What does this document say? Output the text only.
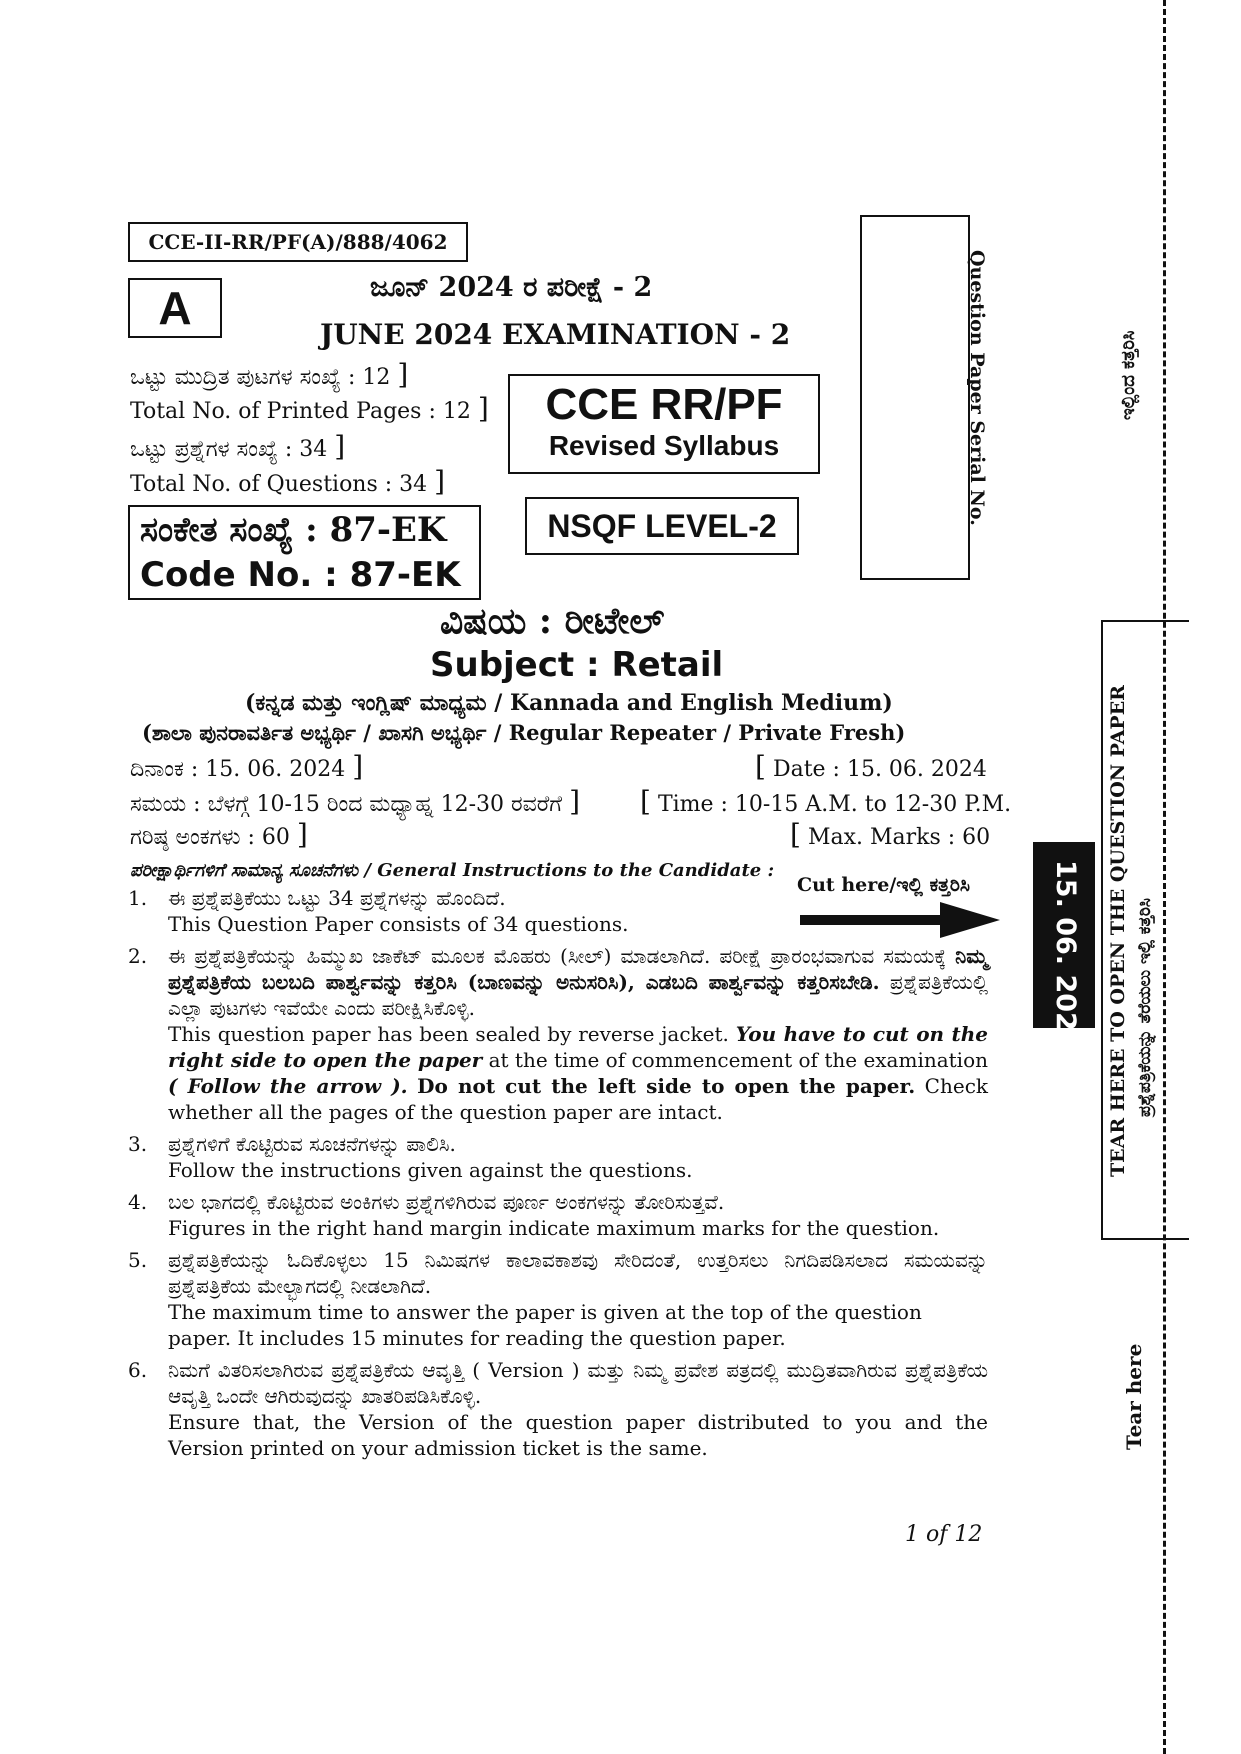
CCE-II-RR/PF(A)/888/4062
A	ಜೂನ್ 2024 ರ ಪರೀಕ್ಷೆ - 2
JUNE 2024 EXAMINATION - 2
ಒಟ್ಟು ಮುದ್ರಿತ ಪುಟಗಳ ಸಂಖ್ಯೆ : 12 ]
Total No. of Printed Pages : 12 ]
ಒಟ್ಟು ಪ್ರಶ್ನೆಗಳ ಸಂಖ್ಯೆ : 34 ]
Total No. of Questions : 34 ]
CCE RR/PF
Revised Syllabus
NSQF LEVEL-2
ಸಂಕೇತ ಸಂಖ್ಯೆ : 87-EK
Code No. : 87-EK
Question Paper Serial No.
ವಿಷಯ : ರೀಟೇಲ್
Subject : Retail
(ಕನ್ನಡ ಮತ್ತು ಇಂಗ್ಲಿಷ್ ಮಾಧ್ಯಮ / Kannada and English Medium)
(ಶಾಲಾ ಪುನರಾವರ್ತಿತ ಅಭ್ಯರ್ಥಿ / ಖಾಸಗಿ ಅಭ್ಯರ್ಥಿ / Regular Repeater / Private Fresh)
ದಿನಾಂಕ : 15. 06. 2024 ]	[ Date : 15. 06. 2024
ಸಮಯ : ಬೆಳಗ್ಗೆ 10-15 ರಿಂದ ಮಧ್ಯಾಹ್ನ 12-30 ರವರೆಗೆ ] [ Time : 10-15 A.M. to 12-30 P.M.
ಗರಿಷ್ಠ ಅಂಕಗಳು : 60 ]	[ Max. Marks : 60
ಪರೀಕ್ಷಾರ್ಥಿಗಳಿಗೆ ಸಾಮಾನ್ಯ ಸೂಚನೆಗಳು / General Instructions to the Candidate :
Cut here/ಇಲ್ಲಿ ಕತ್ತರಿಸಿ
1. ಈ ಪ್ರಶ್ನೆಪತ್ರಿಕೆಯು ಒಟ್ಟು 34 ಪ್ರಶ್ನೆಗಳನ್ನು ಹೊಂದಿದೆ.
This Question Paper consists of 34 questions.
2. ಈ ಪ್ರಶ್ನೆಪತ್ರಿಕೆಯನ್ನು ಹಿಮ್ಮುಖ ಜಾಕೆಟ್ ಮೂಲಕ ಮೊಹರು (ಸೀಲ್) ಮಾಡಲಾಗಿದೆ. ಪರೀಕ್ಷೆ ಪ್ರಾರಂಭವಾಗುವ ಸಮಯಕ್ಕೆ ನಿಮ್ಮ ಪ್ರಶ್ನೆಪತ್ರಿಕೆಯ ಬಲಬದಿ ಪಾರ್ಶ್ವವನ್ನು ಕತ್ತರಿಸಿ (ಬಾಣವನ್ನು ಅನುಸರಿಸಿ), ಎಡಬದಿ ಪಾರ್ಶ್ವವನ್ನು ಕತ್ತರಿಸಬೇಡಿ. ಪ್ರಶ್ನೆಪತ್ರಿಕೆಯಲ್ಲಿ ಎಲ್ಲಾ ಪುಟಗಳು ಇವೆಯೇ ಎಂದು ಪರೀಕ್ಷಿಸಿಕೊಳ್ಳಿ.
This question paper has been sealed by reverse jacket. You have to cut on the right side to open the paper at the time of commencement of the examination ( Follow the arrow ). Do not cut the left side to open the paper. Check whether all the pages of the question paper are intact.
3. ಪ್ರಶ್ನೆಗಳಿಗೆ ಕೊಟ್ಟಿರುವ ಸೂಚನೆಗಳನ್ನು ಪಾಲಿಸಿ.
Follow the instructions given against the questions.
4. ಬಲ ಭಾಗದಲ್ಲಿ ಕೊಟ್ಟಿರುವ ಅಂಕಿಗಳು ಪ್ರಶ್ನೆಗಳಿಗಿರುವ ಪೂರ್ಣ ಅಂಕಗಳನ್ನು ತೋರಿಸುತ್ತವೆ.
Figures in the right hand margin indicate maximum marks for the question.
5. ಪ್ರಶ್ನೆಪತ್ರಿಕೆಯನ್ನು ಓದಿಕೊಳ್ಳಲು 15 ನಿಮಿಷಗಳ ಕಾಲಾವಕಾಶವು ಸೇರಿದಂತೆ, ಉತ್ತರಿಸಲು ನಿಗದಿಪಡಿಸಲಾದ ಸಮಯವನ್ನು ಪ್ರಶ್ನೆಪತ್ರಿಕೆಯ ಮೇಲ್ಭಾಗದಲ್ಲಿ ನೀಡಲಾಗಿದೆ.
The maximum time to answer the paper is given at the top of the question paper. It includes 15 minutes for reading the question paper.
6. ನಿಮಗೆ ವಿತರಿಸಲಾಗಿರುವ ಪ್ರಶ್ನೆಪತ್ರಿಕೆಯ ಆವೃತ್ತಿ ( Version ) ಮತ್ತು ನಿಮ್ಮ ಪ್ರವೇಶ ಪತ್ರದಲ್ಲಿ ಮುದ್ರಿತವಾಗಿರುವ ಪ್ರಶ್ನೆಪತ್ರಿಕೆಯ ಆವೃತ್ತಿ ಒಂದೇ ಆಗಿರುವುದನ್ನು ಖಾತರಿಪಡಿಸಿಕೊಳ್ಳಿ.
Ensure that, the Version of the question paper distributed to you and the Version printed on your admission ticket is the same.
1 of 12
15. 06. 2024 TEAR HERE TO OPEN THE QUESTION PAPER ಪ್ರಶ್ನೆಪತ್ರಿಕೆಯನ್ನು ತೆರೆಯಲು ಇಲ್ಲಿ ಕತ್ತರಿಸಿ
ಇಲ್ಲಿಂದ ಕತ್ತರಿಸಿ
Tear here
